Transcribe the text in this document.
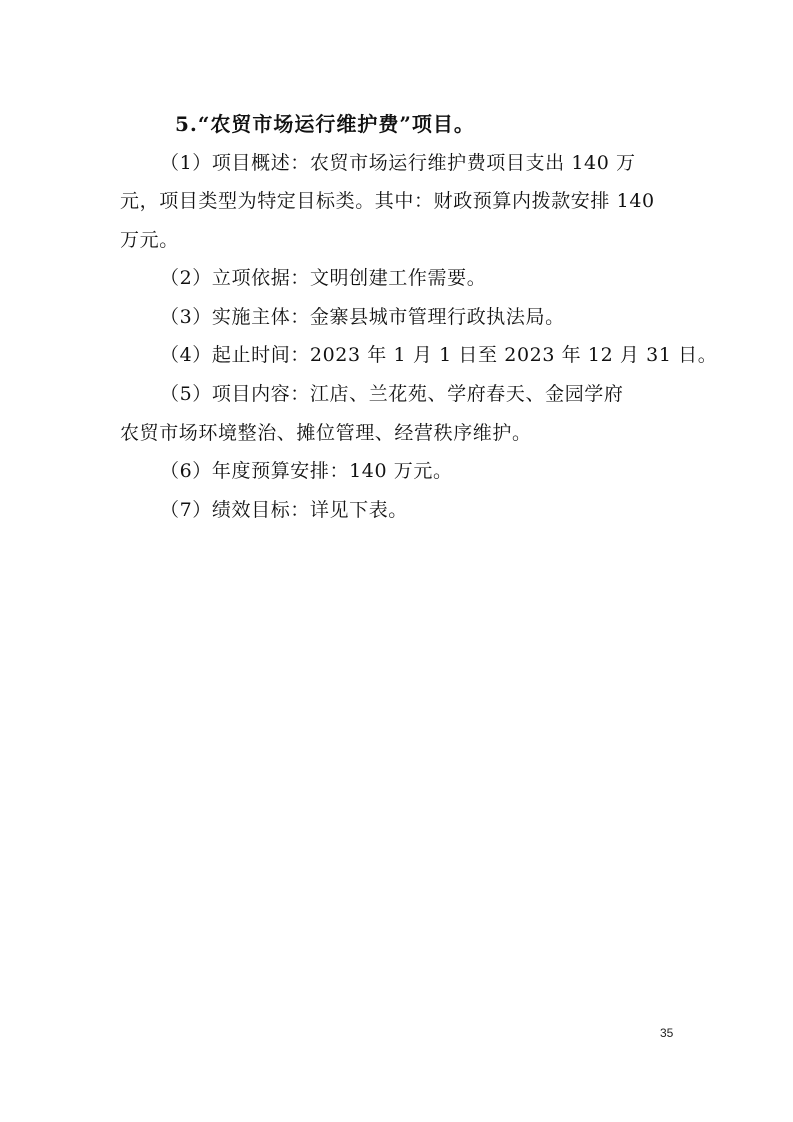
5.“农贸市场运行维护费”项目。
（1）项目概述：农贸市场运行维护费项目支出 140 万
元，项目类型为特定目标类。其中：财政预算内拨款安排 140
万元。
（2）立项依据：文明创建工作需要。
（3）实施主体：金寨县城市管理行政执法局。
（4）起止时间：2023 年 1 月 1 日至 2023 年 12 月 31 日。
（5）项目内容：江店、兰花苑、学府春天、金园学府
农贸市场环境整治、摊位管理、经营秩序维护。
（6）年度预算安排：140 万元。
（7）绩效目标：详见下表。
35
